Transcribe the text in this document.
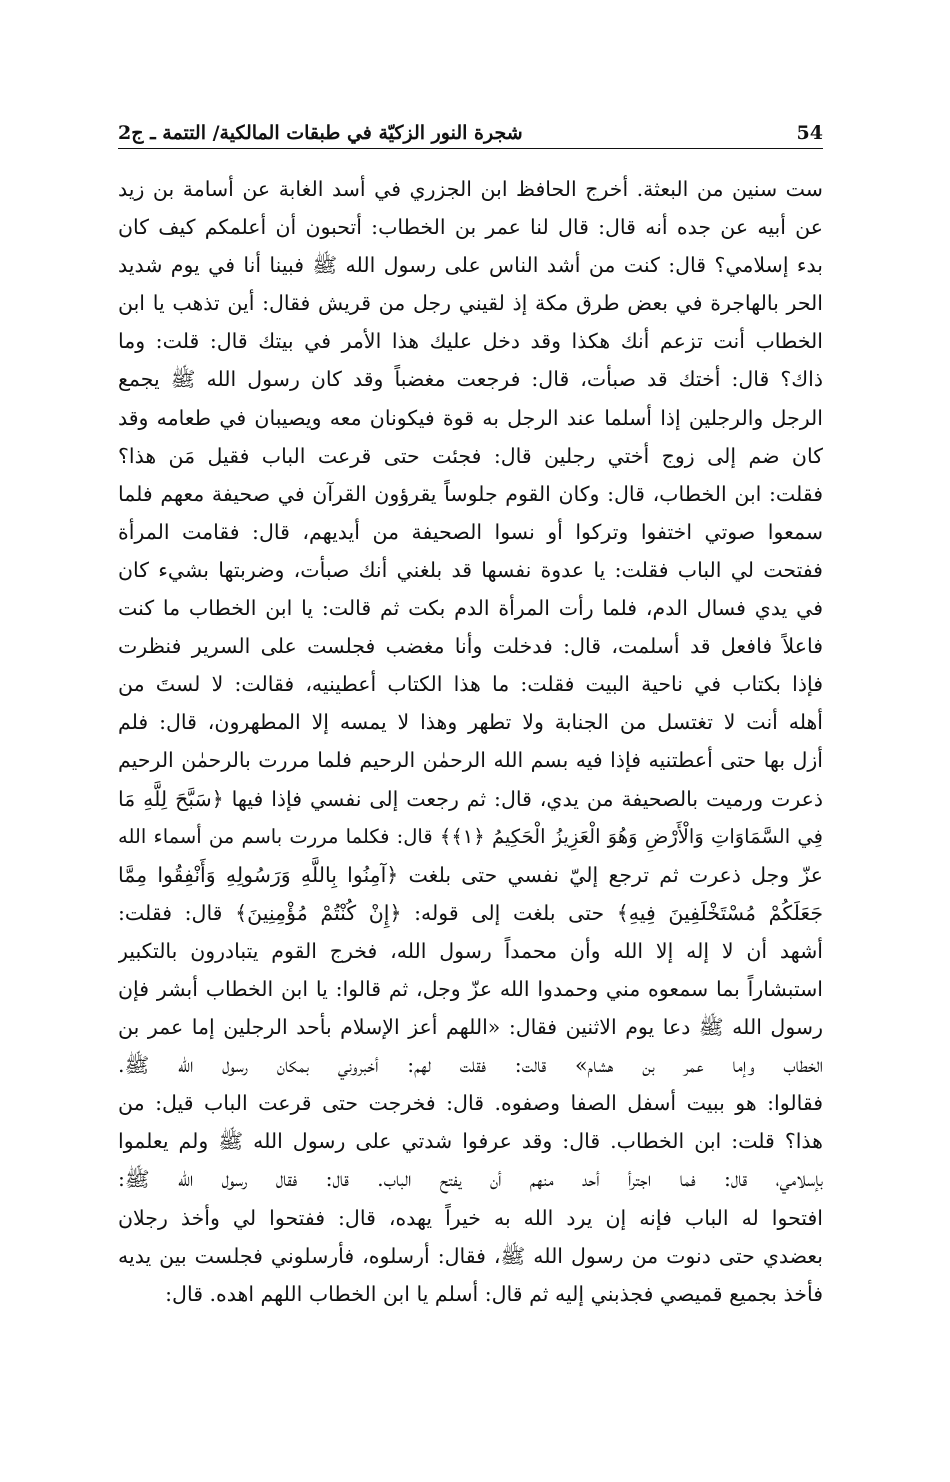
شجرة النور الزكيّة في طبقات المالكية/ التتمة ـ ج2	54
ست سنين من البعثة. أخرج الحافظ ابن الجزري في أسد الغابة عن أسامة بن زيد
عن أبيه عن جده أنه قال: قال لنا عمر بن الخطاب: أتحبون أن أعلمكم كيف كان
بدء إسلامي؟ قال: كنت من أشد الناس على رسول الله ﷺ فبينا أنا في يوم شديد
الحر بالهاجرة في بعض طرق مكة إذ لقيني رجل من قريش فقال: أين تذهب يا ابن
الخطاب أنت تزعم أنك هكذا وقد دخل عليك هذا الأمر في بيتك قال: قلت: وما
ذاك؟ قال: أختك قد صبأت، قال: فرجعت مغضباً وقد كان رسول الله ﷺ يجمع
الرجل والرجلين إذا أسلما عند الرجل به قوة فيكونان معه ويصيبان في طعامه وقد
كان ضم إلى زوج أختي رجلين قال: فجئت حتى قرعت الباب فقيل مَن هذا؟
فقلت: ابن الخطاب، قال: وكان القوم جلوساً يقرؤون القرآن في صحيفة معهم فلما
سمعوا صوتي اختفوا وتركوا أو نسوا الصحيفة من أيديهم، قال: فقامت المرأة
ففتحت لي الباب فقلت: يا عدوة نفسها قد بلغني أنك صبأت، وضربتها بشيء كان
في يدي فسال الدم، فلما رأت المرأة الدم بكت ثم قالت: يا ابن الخطاب ما كنت
فاعلاً فافعل قد أسلمت، قال: فدخلت وأنا مغضب فجلست على السرير فنظرت
فإذا بكتاب في ناحية البيت فقلت: ما هذا الكتاب أعطينيه، فقالت: لا لستَ من
أهله أنت لا تغتسل من الجنابة ولا تطهر وهذا لا يمسه إلا المطهرون، قال: فلم
أزل بها حتى أعطتنيه فإذا فيه بسم الله الرحمٰن الرحيم فلما مررت بالرحمٰن الرحيم
ذعرت ورميت بالصحيفة من يدي، قال: ثم رجعت إلى نفسي فإذا فيها ﴿سَبَّحَ لِلَّهِ مَا
فِي السَّمَاوَاتِ وَالْأَرْضِ وَهُوَ الْعَزِيزُ الْحَكِيمُ ﴿١﴾﴾ قال: فكلما مررت باسم من أسماء الله
عزّ وجل ذعرت ثم ترجع إليّ نفسي حتى بلغت ﴿آمِنُوا بِاللَّهِ وَرَسُولِهِ وَأَنْفِقُوا مِمَّا
جَعَلَكُمْ مُسْتَخْلَفِينَ فِيهِ﴾ حتى بلغت إلى قوله: ﴿إِنْ كُنْتُمْ مُؤْمِنِينَ﴾ قال: فقلت:
أشهد أن لا إله إلا الله وأن محمداً رسول الله، فخرج القوم يتبادرون بالتكبير
استبشاراً بما سمعوه مني وحمدوا الله عزّ وجل، ثم قالوا: يا ابن الخطاب أبشر فإن
رسول الله ﷺ دعا يوم الاثنين فقال: «اللهم أعز الإسلام بأحد الرجلين إما عمر بن
الخطاب وإما عمر بن هشام» قالت: فقلت لهم: أخبروني بمكان رسول الله ﷺ.
فقالوا: هو ببيت أسفل الصفا وصفوه. قال: فخرجت حتى قرعت الباب قيل: من
هذا؟ قلت: ابن الخطاب. قال: وقد عرفوا شدتي على رسول الله ﷺ ولم يعلموا
بإسلامي، قال: فما اجترأ أحد منهم أن يفتح الباب. قال: فقال رسول الله ﷺ:
افتحوا له الباب فإنه إن يرد الله به خيراً يهده، قال: ففتحوا لي وأخذ رجلان
بعضدي حتى دنوت من رسول الله ﷺ، فقال: أرسلوه، فأرسلوني فجلست بين يديه
فأخذ بجميع قميصي فجذبني إليه ثم قال: أسلم يا ابن الخطاب اللهم اهده. قال:
